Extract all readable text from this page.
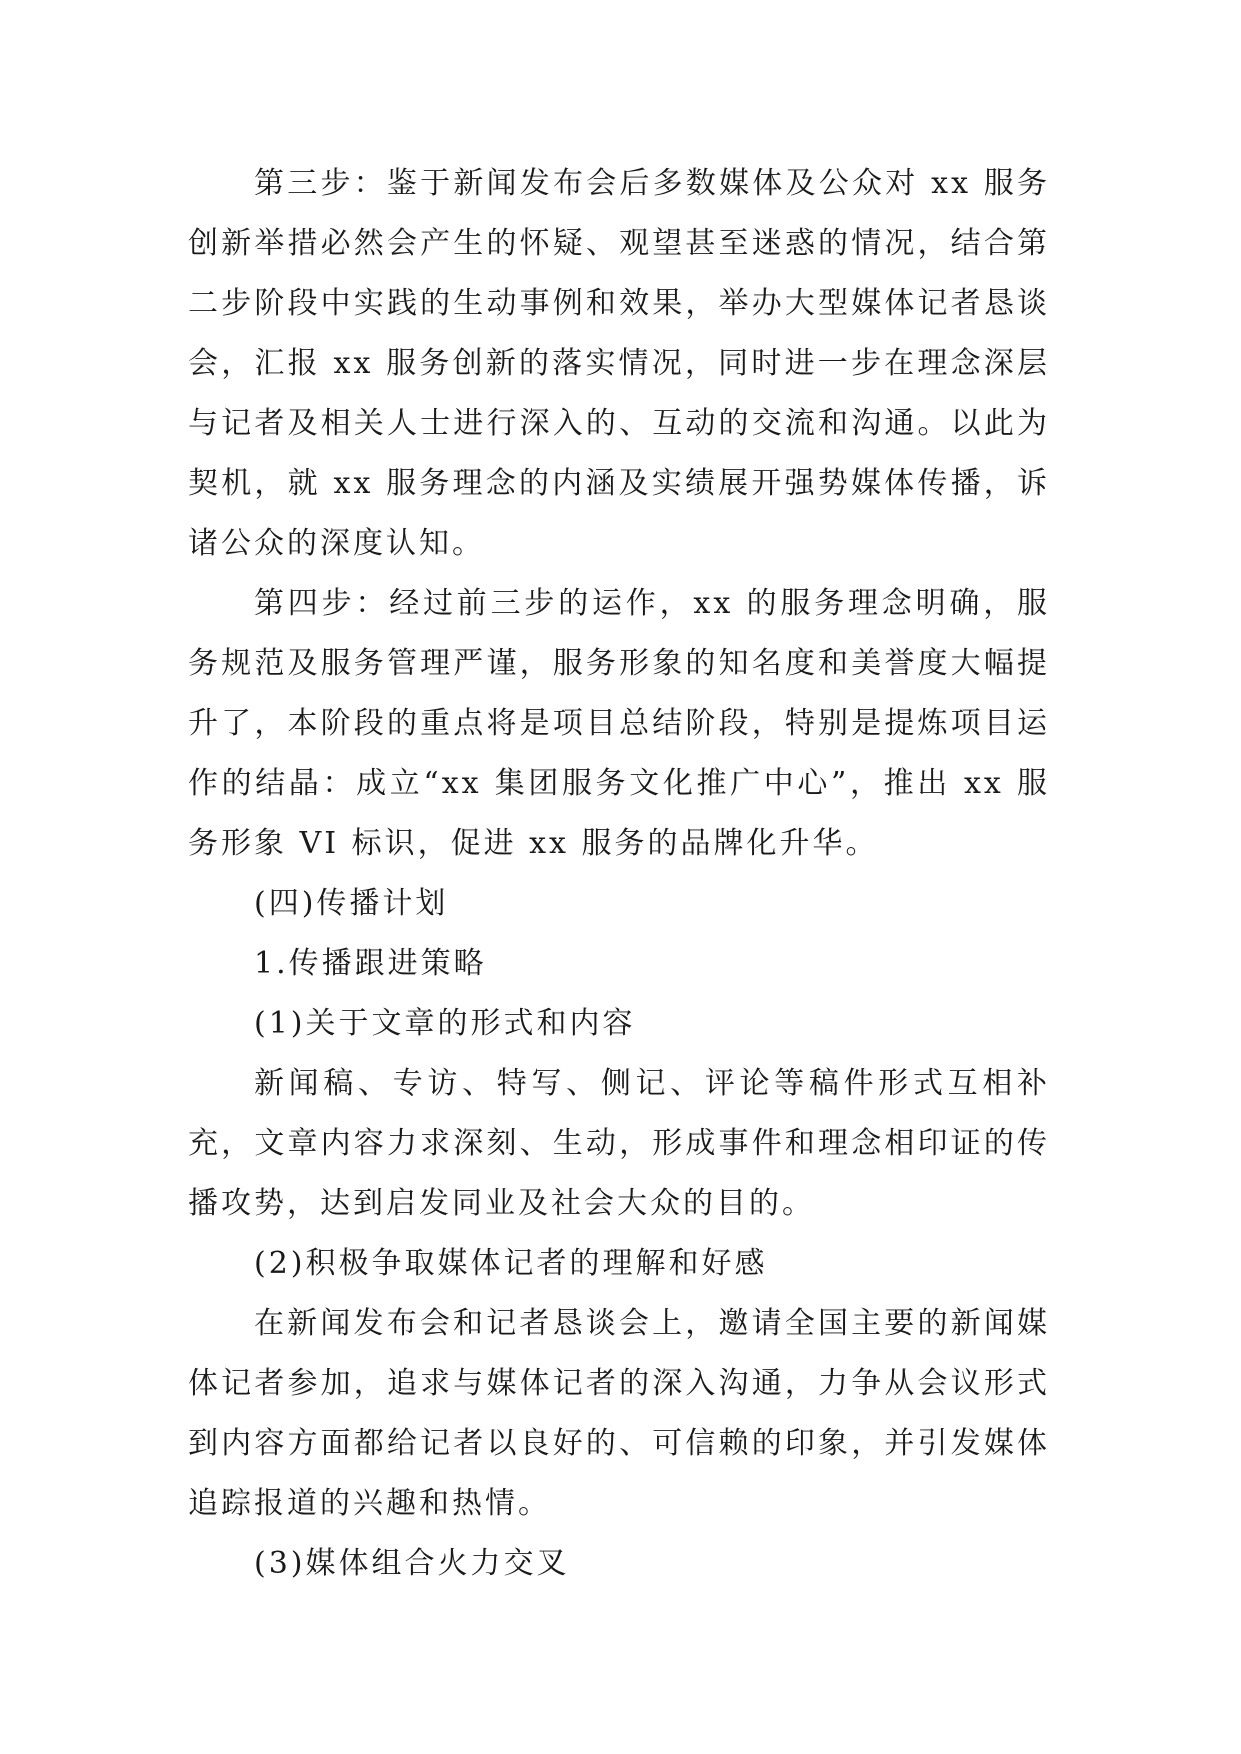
第三步：鉴于新闻发布会后多数媒体及公众对 xx 服务创新举措必然会产生的怀疑、观望甚至迷惑的情况，结合第二步阶段中实践的生动事例和效果，举办大型媒体记者恳谈会，汇报 xx 服务创新的落实情况，同时进一步在理念深层与记者及相关人士进行深入的、互动的交流和沟通。以此为契机，就 xx 服务理念的内涵及实绩展开强势媒体传播，诉诸公众的深度认知。

第四步：经过前三步的运作，xx 的服务理念明确，服务规范及服务管理严谨，服务形象的知名度和美誉度大幅提升了，本阶段的重点将是项目总结阶段，特别是提炼项目运作的结晶：成立“xx 集团服务文化推广中心”，推出 xx 服务形象 VI 标识，促进 xx 服务的品牌化升华。

(四)传播计划

1.传播跟进策略

(1)关于文章的形式和内容

新闻稿、专访、特写、侧记、评论等稿件形式互相补充，文章内容力求深刻、生动，形成事件和理念相印证的传播攻势，达到启发同业及社会大众的目的。

(2)积极争取媒体记者的理解和好感

在新闻发布会和记者恳谈会上，邀请全国主要的新闻媒体记者参加，追求与媒体记者的深入沟通，力争从会议形式到内容方面都给记者以良好的、可信赖的印象，并引发媒体追踪报道的兴趣和热情。

(3)媒体组合火力交叉
